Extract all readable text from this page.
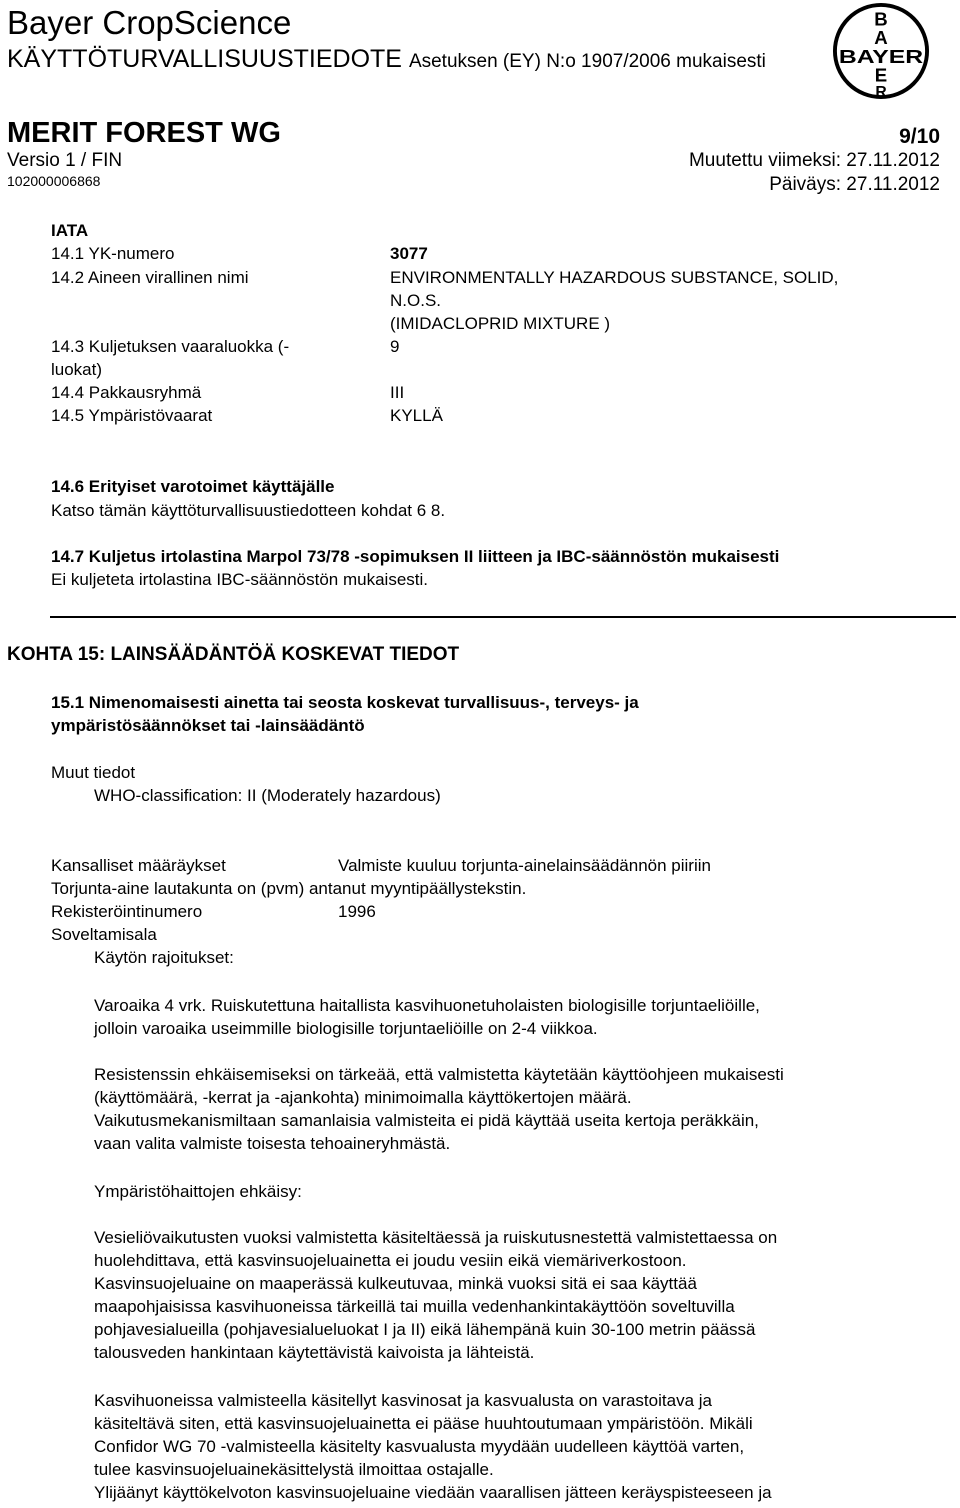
Bayer CropScience
KÄYTTÖTURVALLISUUSTIEDOTE Asetuksen (EY) N:o 1907/2006 mukaisesti
B
A
BAYER
E
R
MERIT FOREST WG	9/10
Versio 1 / FIN	Muutettu viimeksi: 27.11.2012
102000006868	Päiväys: 27.11.2012
IATA
14.1 YK-numero	3077
14.2 Aineen virallinen nimi	ENVIRONMENTALLY HAZARDOUS SUBSTANCE, SOLID,
N.O.S.
(IMIDACLOPRID MIXTURE )
14.3 Kuljetuksen vaaraluokka (-	9
luokat)
14.4 Pakkausryhmä	III
14.5 Ympäristövaarat	KYLLÄ
14.6 Erityiset varotoimet käyttäjälle
Katso tämän käyttöturvallisuustiedotteen kohdat 6 8.
14.7 Kuljetus irtolastina Marpol 73/78 -sopimuksen II liitteen ja IBC-säännöstön mukaisesti
Ei kuljeteta irtolastina IBC-säännöstön mukaisesti.
KOHTA 15: LAINSÄÄDÄNTÖÄ KOSKEVAT TIEDOT
15.1 Nimenomaisesti ainetta tai seosta koskevat turvallisuus-, terveys- ja
ympäristösäännökset tai -lainsäädäntö
Muut tiedot
WHO-classification: II (Moderately hazardous)
Kansalliset määräykset	Valmiste kuuluu torjunta-ainelainsäädännön piiriin
Torjunta-aine lautakunta on (pvm) antanut myyntipäällystekstin.
Rekisteröintinumero	1996
Soveltamisala
Käytön rajoitukset:
Varoaika 4 vrk. Ruiskutettuna haitallista kasvihuonetuholaisten biologisille torjuntaeliöille,
jolloin varoaika useimmille biologisille torjuntaeliöille on 2-4 viikkoa.
Resistenssin ehkäisemiseksi on tärkeää, että valmistetta käytetään käyttöohjeen mukaisesti
(käyttömäärä, -kerrat ja -ajankohta) minimoimalla käyttökertojen määrä.
Vaikutusmekanismiltaan samanlaisia valmisteita ei pidä käyttää useita kertoja peräkkäin,
vaan valita valmiste toisesta tehoaineryhmästä.
Ympäristöhaittojen ehkäisy:
Vesieliövaikutusten vuoksi valmistetta käsiteltäessä ja ruiskutusnestettä valmistettaessa on
huolehdittava, että kasvinsuojeluainetta ei joudu vesiin eikä viemäriverkostoon.
Kasvinsuojeluaine on maaperässä kulkeutuvaa, minkä vuoksi sitä ei saa käyttää
maapohjaisissa kasvihuoneissa tärkeillä tai muilla vedenhankintakäyttöön soveltuvilla
pohjavesialueilla (pohjavesialueluokat I ja II) eikä lähempänä kuin 30-100 metrin päässä
talousveden hankintaan käytettävistä kaivoista ja lähteistä.
Kasvihuoneissa valmisteella käsitellyt kasvinosat ja kasvualusta on varastoitava ja
käsiteltävä siten, että kasvinsuojeluainetta ei pääse huuhtoutumaan ympäristöön. Mikäli
Confidor WG 70 -valmisteella käsitelty kasvualusta myydään uudelleen käyttöä varten,
tulee kasvinsuojeluainekäsittelystä ilmoittaa ostajalle.
Ylijäänyt käyttökelvoton kasvinsuojeluaine viedään vaarallisen jätteen keräyspisteeseen ja
